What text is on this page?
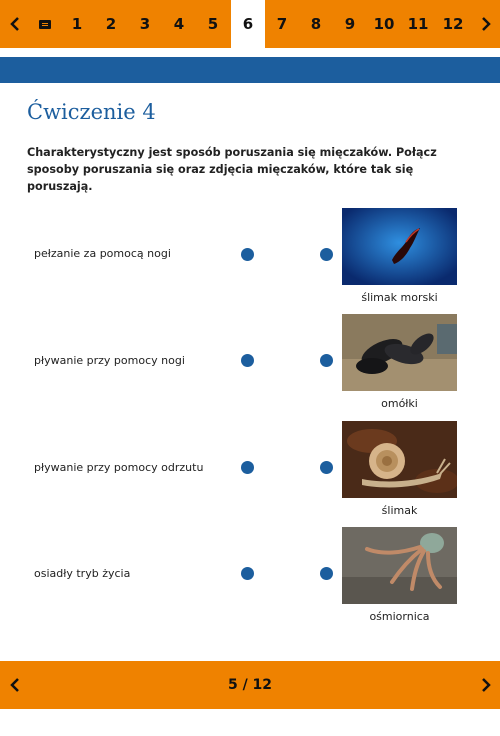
1	2	3	4	5	6	7	8	9	10 11 12
Ćwiczenie 4
Charakterystyczny jest sposób poruszania się mięczaków. Połącz sposoby poruszania się oraz zdjęcia mięczaków, które tak się poruszają.
pełzanie za pomocą nogi
ślimak morski
pływanie przy pomocy nogi
omółki
pływanie przy pomocy odrzutu
ślimak
osiadły tryb życia
ośmiornica
5 / 12
